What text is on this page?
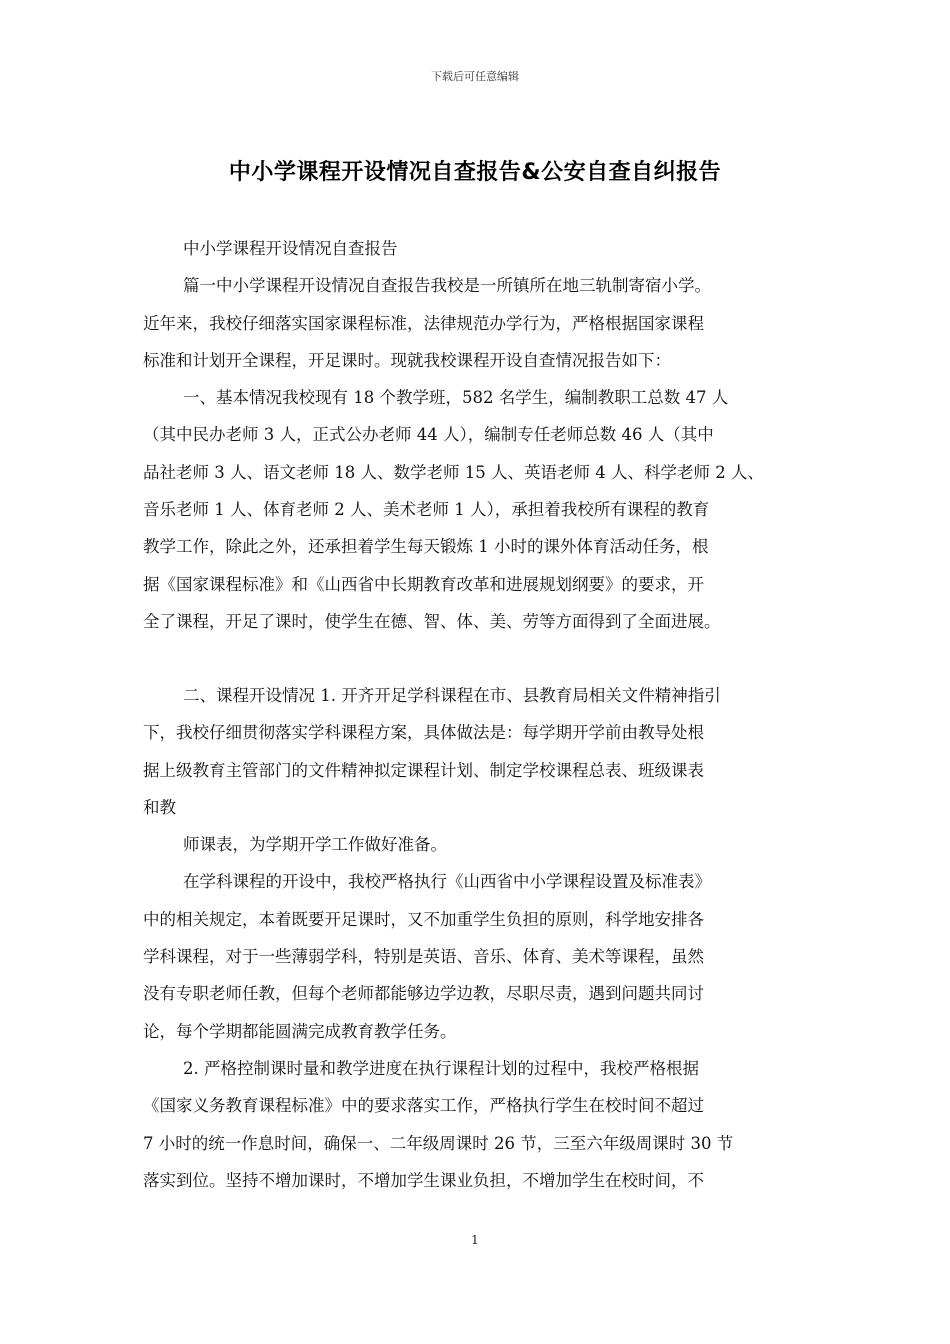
下载后可任意编辑
中小学课程开设情况自查报告&公安自查自纠报告
中小学课程开设情况自查报告
篇一中小学课程开设情况自查报告我校是一所镇所在地三轨制寄宿小学。
近年来，我校仔细落实国家课程标准，法律规范办学行为，严格根据国家课程
标准和计划开全课程，开足课时。现就我校课程开设自查情况报告如下：
一、基本情况我校现有 18 个教学班，582 名学生，编制教职工总数 47 人
（其中民办老师 3 人，正式公办老师 44 人），编制专任老师总数 46 人（其中
品社老师 3 人、语文老师 18 人、数学老师 15 人、英语老师 4 人、科学老师 2 人、
音乐老师 1 人、体育老师 2 人、美术老师 1 人），承担着我校所有课程的教育
教学工作，除此之外，还承担着学生每天锻炼 1 小时的课外体育活动任务，根
据《国家课程标准》和《山西省中长期教育改革和进展规划纲要》的要求，开
全了课程，开足了课时，使学生在德、智、体、美、劳等方面得到了全面进展。
二、课程开设情况 1. 开齐开足学科课程在市、县教育局相关文件精神指引
下，我校仔细贯彻落实学科课程方案，具体做法是：每学期开学前由教导处根
据上级教育主管部门的文件精神拟定课程计划、制定学校课程总表、班级课表
和教
师课表，为学期开学工作做好准备。
在学科课程的开设中，我校严格执行《山西省中小学课程设置及标准表》
中的相关规定，本着既要开足课时，又不加重学生负担的原则，科学地安排各
学科课程，对于一些薄弱学科，特别是英语、音乐、体育、美术等课程，虽然
没有专职老师任教，但每个老师都能够边学边教，尽职尽责，遇到问题共同讨
论，每个学期都能圆满完成教育教学任务。
2. 严格控制课时量和教学进度在执行课程计划的过程中，我校严格根据
《国家义务教育课程标准》中的要求落实工作，严格执行学生在校时间不超过
7 小时的统一作息时间，确保一、二年级周课时 26 节，三至六年级周课时 30 节
落实到位。坚持不增加课时，不增加学生课业负担，不增加学生在校时间，不
1
